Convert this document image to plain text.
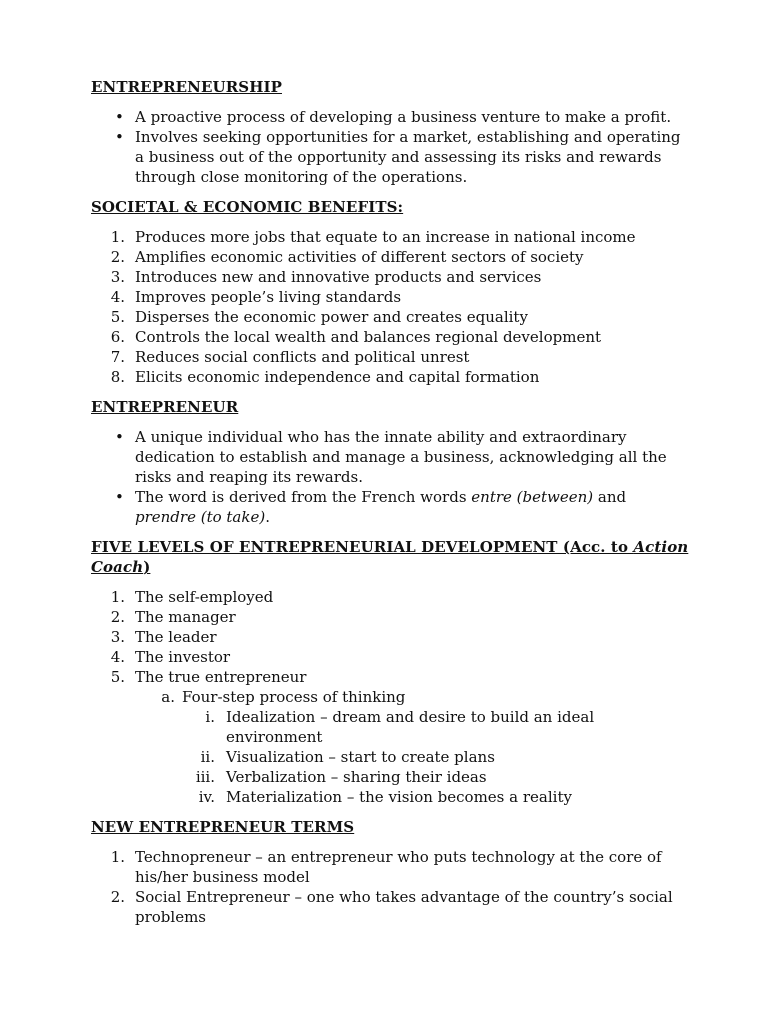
ENTREPRENEURSHIP
• A proactive process of developing a business venture to make a profit.
• Involves seeking opportunities for a market, establishing and operating a business out of the opportunity and assessing its risks and rewards through close monitoring of the operations.
SOCIETAL & ECONOMIC BENEFITS:
1. Produces more jobs that equate to an increase in national income
2. Amplifies economic activities of different sectors of society
3. Introduces new and innovative products and services
4. Improves people’s living standards
5. Disperses the economic power and creates equality
6. Controls the local wealth and balances regional development
7. Reduces social conflicts and political unrest
8. Elicits economic independence and capital formation
ENTREPRENEUR
• A unique individual who has the innate ability and extraordinary dedication to establish and manage a business, acknowledging all the risks and reaping its rewards.
• The word is derived from the French words entre (between) and prendre (to take).
FIVE LEVELS OF ENTREPRENEURIAL DEVELOPMENT (Acc. to Action Coach)
1. The self-employed
2. The manager
3. The leader
4. The investor
5. The true entrepreneur
a. Four-step process of thinking
i. Idealization – dream and desire to build an ideal environment
ii. Visualization – start to create plans
iii. Verbalization – sharing their ideas
iv. Materialization – the vision becomes a reality
NEW ENTREPRENEUR TERMS
1. Technopreneur – an entrepreneur who puts technology at the core of his/her business model
2. Social Entrepreneur – one who takes advantage of the country’s social problems
